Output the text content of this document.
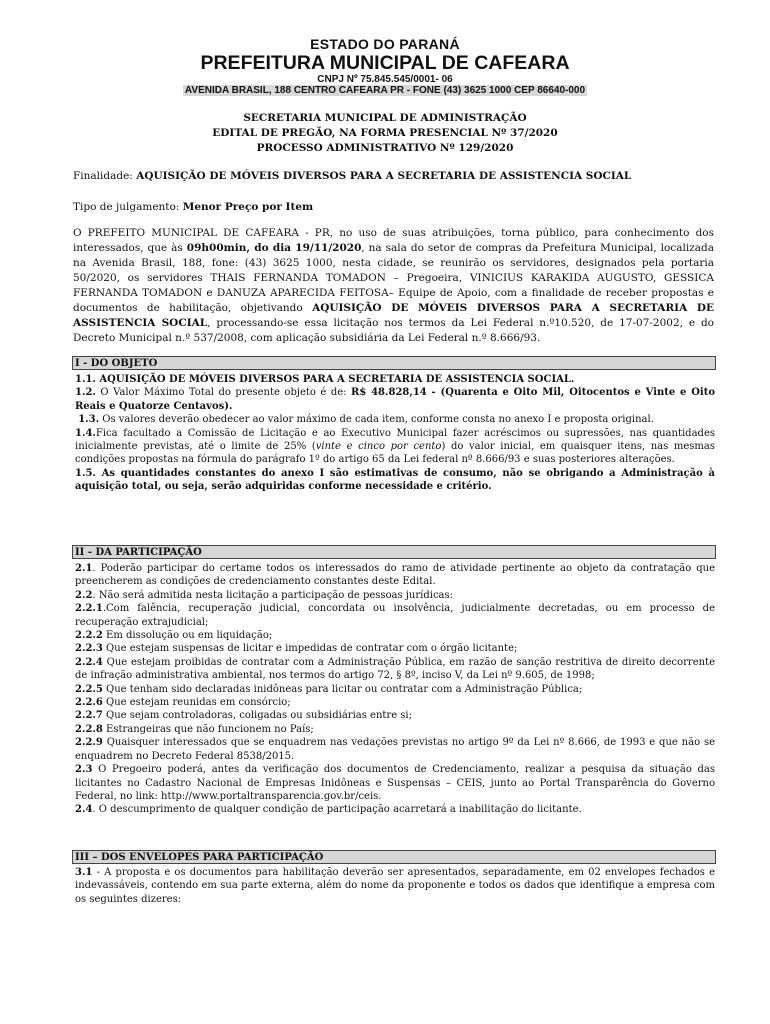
ESTADO DO PARANÁ
PREFEITURA MUNICIPAL DE CAFEARA
CNPJ Nº 75.845.545/0001- 06
AVENIDA BRASIL, 188 CENTRO CAFEARA PR - FONE (43) 3625 1000 CEP 86640-000
SECRETARIA MUNICIPAL DE ADMINISTRAÇÃO
EDITAL DE PREGÃO, NA FORMA PRESENCIAL Nº 37/2020
PROCESSO ADMINISTRATIVO Nº 129/2020
Finalidade: AQUISIÇÃO DE MÓVEIS DIVERSOS PARA A SECRETARIA DE ASSISTENCIA SOCIAL
Tipo de julgamento: Menor Preço por Item
O PREFEITO MUNICIPAL DE CAFEARA - PR, no uso de suas atribuições, torna público, para conhecimento dos interessados, que às 09h00min, do dia 19/11/2020, na sala do setor de compras da Prefeitura Municipal, localizada na Avenida Brasil, 188, fone: (43) 3625 1000, nesta cidade, se reunirão os servidores, designados pela portaria 50/2020, os servidores THAIS FERNANDA TOMADON – Pregoeira, VINICIUS KARAKIDA AUGUSTO, GESSICA FERNANDA TOMADON e DANUZA APARECIDA FEITOSA– Equipe de Apoio, com a finalidade de receber propostas e documentos de habilitação, objetivando AQUISIÇÃO DE MÓVEIS DIVERSOS PARA A SECRETARIA DE ASSISTENCIA SOCIAL, processando-se essa licitação nos termos da Lei Federal n.º10.520, de 17-07-2002, e do Decreto Municipal n.º 537/2008, com aplicação subsidiária da Lei Federal n.º 8.666/93.
I - DO OBJETO

1.1. AQUISIÇÃO DE MÓVEIS DIVERSOS PARA A SECRETARIA DE ASSISTENCIA SOCIAL.

1.2. O Valor Máximo Total do presente objeto é de: R$ 48.828,14 - (Quarenta e Oito Mil, Oitocentos e Vinte e Oito Reais e Quatorze Centavos).

1.3. Os valores deverão obedecer ao valor máximo de cada item, conforme consta no anexo I e proposta original.

1.4.Fica facultado a Comissão de Licitação e ao Executivo Municipal fazer acréscimos ou supressões, nas quantidades inicialmente previstas, até o limite de 25% (vinte e cinco por cento) do valor inicial, em quaisquer itens, nas mesmas condições propostas na fórmula do parágrafo 1º do artigo 65 da Lei federal nº 8.666/93 e suas posteriores alterações.

1.5. As quantidades constantes do anexo I são estimativas de consumo, não se obrigando a Administração à aquisição total, ou seja, serão adquiridas conforme necessidade e critério.

II - DA PARTICIPAÇÃO

2.1. Poderão participar do certame todos os interessados do ramo de atividade pertinente ao objeto da contratação que preencherem as condições de credenciamento constantes deste Edital.

2.2. Não será admitida nesta licitação a participação de pessoas jurídicas:

2.2.1.Com falência, recuperação judicial, concordata ou insolvência, judicialmente decretadas, ou em processo de recuperação extrajudicial;

2.2.2 Em dissolução ou em liquidação;

2.2.3 Que estejam suspensas de licitar e impedidas de contratar com o órgão licitante;

2.2.4 Que estejam proibidas de contratar com a Administração Pública, em razão de sanção restritiva de direito decorrente de infração administrativa ambiental, nos termos do artigo 72, § 8º, inciso V, da Lei nº 9.605, de 1998;

2.2.5 Que tenham sido declaradas inidôneas para licitar ou contratar com a Administração Pública;

2.2.6 Que estejam reunidas em consórcio;

2.2.7 Que sejam controladoras, coligadas ou subsidiárias entre si;

2.2.8 Estrangeiras que não funcionem no País;

2.2.9 Quaisquer interessados que se enquadrem nas vedações previstas no artigo 9º da Lei nº 8.666, de 1993 e que não se enquadrem no Decreto Federal 8538/2015.

2.3 O Pregoeiro poderá, antes da verificação dos documentos de Credenciamento, realizar a pesquisa da situação das licitantes no Cadastro Nacional de Empresas Inidôneas e Suspensas – CEIS, junto ao Portal Transparência do Governo Federal, no link: http://www.portaltransparencia.gov.br/ceis.

2.4. O descumprimento de qualquer condição de participação acarretará a inabilitação do licitante.

III – DOS ENVELOPES PARA PARTICIPAÇÃO

3.1 - A proposta e os documentos para habilitação deverão ser apresentados, separadamente, em 02 envelopes fechados e indevassáveis, contendo em sua parte externa, além do nome da proponente e todos os dados que identifique a empresa com os seguintes dizeres:
